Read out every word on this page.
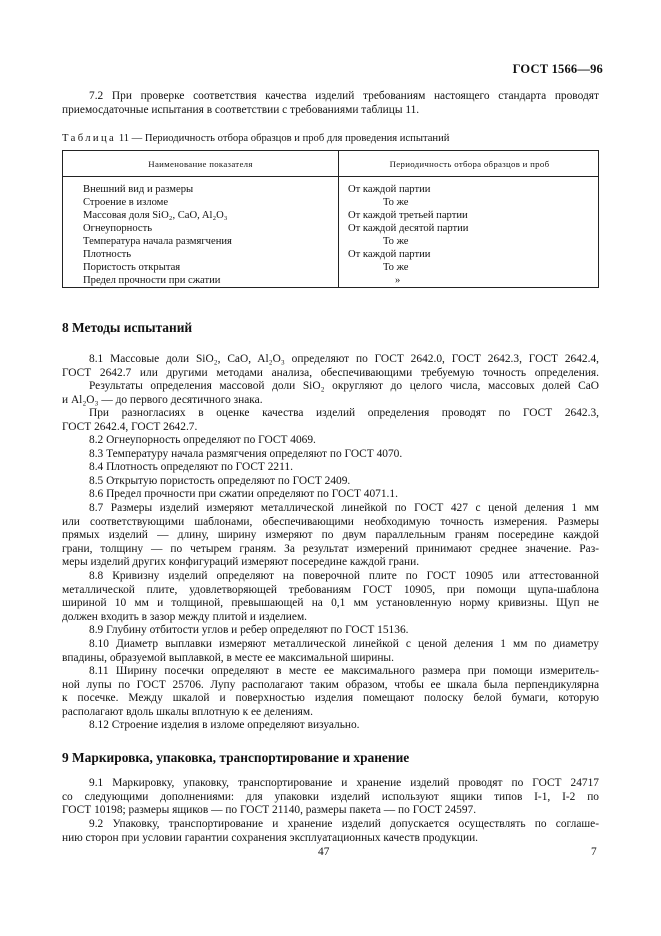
ГОСТ 1566—96
7.2 При проверке соответствия качества изделий требованиям настоящего стандарта проводят
приемосдаточные испытания в соответствии с требованиями таблицы 11.
Таблица 11 — Периодичность отбора образцов и проб для проведения испытаний
Наименование показателя	Периодичность отбора образцов и проб
Внешний вид и размеры
Строение в изломе
Массовая доля SiO₂, CaO, Al₂O₃
Огнеупорность
Температура начала размягчения
Плотность
Пористость открытая
Предел прочности при сжатии
От каждой партии
То же
От каждой третьей партии
От каждой десятой партии
То же
От каждой партии
То же
»
8 Методы испытаний
8.1 Массовые доли SiO₂, CaO, Al₂O₃ определяют по ГОСТ 2642.0, ГОСТ 2642.3, ГОСТ 2642.4,
ГОСТ 2642.7 или другими методами анализа, обеспечивающими требуемую точность определения.
Результаты определения массовой доли SiO₂ округляют до целого числа, массовых долей CaO
и Al₂O₃ — до первого десятичного знака.
При разногласиях в оценке качества изделий определения проводят по ГОСТ 2642.3,
ГОСТ 2642.4, ГОСТ 2642.7.
8.2 Огнеупорность определяют по ГОСТ 4069.
8.3 Температуру начала размягчения определяют по ГОСТ 4070.
8.4 Плотность определяют по ГОСТ 2211.
8.5 Открытую пористость определяют по ГОСТ 2409.
8.6 Предел прочности при сжатии определяют по ГОСТ 4071.1.
8.7 Размеры изделий измеряют металлической линейкой по ГОСТ 427 с ценой деления 1 мм
или соответствующими шаблонами, обеспечивающими необходимую точность измерения. Размеры
прямых изделий — длину, ширину измеряют по двум параллельным граням посередине каждой
грани, толщину — по четырем граням. За результат измерений принимают среднее значение. Раз-
меры изделий других конфигураций измеряют посередине каждой грани.
8.8 Кривизну изделий определяют на поверочной плите по ГОСТ 10905 или аттестованной
металлической плите, удовлетворяющей требованиям ГОСТ 10905, при помощи щупа-шаблона
шириной 10 мм и толщиной, превышающей на 0,1 мм установленную норму кривизны. Щуп не
должен входить в зазор между плитой и изделием.
8.9 Глубину отбитости углов и ребер определяют по ГОСТ 15136.
8.10 Диаметр выплавки измеряют металлической линейкой с ценой деления 1 мм по диаметру
впадины, образуемой выплавкой, в месте ее максимальной ширины.
8.11 Ширину посечки определяют в месте ее максимального размера при помощи измеритель-
ной лупы по ГОСТ 25706. Лупу располагают таким образом, чтобы ее шкала была перпендикулярна
к посечке. Между шкалой и поверхностью изделия помещают полоску белой бумаги, которую
располагают вдоль шкалы вплотную к ее делениям.
8.12 Строение изделия в изломе определяют визуально.
9 Маркировка, упаковка, транспортирование и хранение
9.1 Маркировку, упаковку, транспортирование и хранение изделий проводят по ГОСТ 24717
со следующими дополнениями: для упаковки изделий используют ящики типов I-1, I-2 по
ГОСТ 10198; размеры ящиков — по ГОСТ 21140, размеры пакета — по ГОСТ 24597.
9.2 Упаковку, транспортирование и хранение изделий допускается осуществлять по соглаше-
нию сторон при условии гарантии сохранения эксплуатационных качеств продукции.
47	7
